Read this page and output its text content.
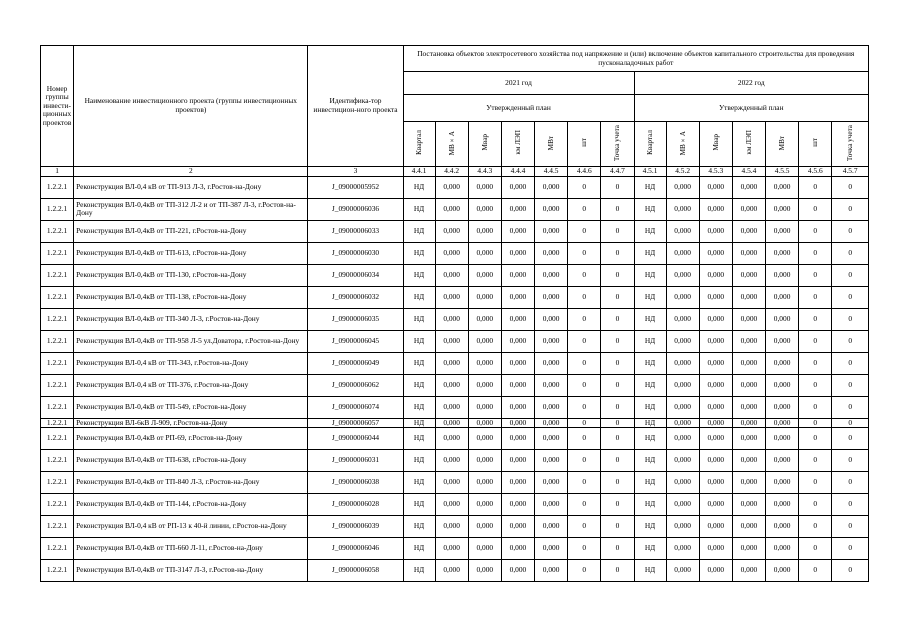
Номер группы инвести-ционных проектов	Наименование инвестиционного проекта (группы инвестиционных проектов)	Идентифика-тор инвестицион-ного проекта	Постановка объектов электросетевого хозяйства под напряжение и (или) включение объектов капитального строительства для проведения пусконаладочных работ													
			2021 год							2022 год						
			Утвержденный план							Утвержденный план						
			Квартал	МВ×А	Мвар	км ЛЭП	МВт	шт	Точка учета	Квартал	МВ×А	Мвар	км ЛЭП	МВт	шт	Точка учета
1	2	3	4.4.1	4.4.2	4.4.3	4.4.4	4.4.5	4.4.6	4.4.7	4.5.1	4.5.2	4.5.3	4.5.4	4.5.5	4.5.6	4.5.7
1.2.2.1	Реконструкция ВЛ-0,4 кВ от ТП-913 Л-3, г.Ростов-на-Дону	J_09000005952	НД	0,000	0,000	0,000	0,000	0	0	НД	0,000	0,000	0,000	0,000	0	0
1.2.2.1	Реконструкция ВЛ-0,4кВ от ТП-312 Л-2 и от ТП-387 Л-3, г.Ростов-на-Дону	J_09000006036	НД	0,000	0,000	0,000	0,000	0	0	НД	0,000	0,000	0,000	0,000	0	0
1.2.2.1	Реконструкция ВЛ-0,4кВ от ТП-221, г.Ростов-на-Дону	J_09000006033	НД	0,000	0,000	0,000	0,000	0	0	НД	0,000	0,000	0,000	0,000	0	0
1.2.2.1	Реконструкция ВЛ-0,4кВ от ТП-613, г.Ростов-на-Дону	J_09000006030	НД	0,000	0,000	0,000	0,000	0	0	НД	0,000	0,000	0,000	0,000	0	0
1.2.2.1	Реконструкция ВЛ-0,4кВ от ТП-130, г.Ростов-на-Дону	J_09000006034	НД	0,000	0,000	0,000	0,000	0	0	НД	0,000	0,000	0,000	0,000	0	0
1.2.2.1	Реконструкция ВЛ-0,4кВ от ТП-138, г.Ростов-на-Дону	J_09000006032	НД	0,000	0,000	0,000	0,000	0	0	НД	0,000	0,000	0,000	0,000	0	0
1.2.2.1	Реконструкция ВЛ-0,4кВ от ТП-340 Л-3, г.Ростов-на-Дону	J_09000006035	НД	0,000	0,000	0,000	0,000	0	0	НД	0,000	0,000	0,000	0,000	0	0
1.2.2.1	Реконструкция ВЛ-0,4кВ от ТП-958 Л-5 ул.Доватора, г.Ростов-на-Дону	J_09000006045	НД	0,000	0,000	0,000	0,000	0	0	НД	0,000	0,000	0,000	0,000	0	0
1.2.2.1	Реконструкция ВЛ-0,4 кВ от ТП-343, г.Ростов-на-Дону	J_09000006049	НД	0,000	0,000	0,000	0,000	0	0	НД	0,000	0,000	0,000	0,000	0	0
1.2.2.1	Реконструкция ВЛ-0,4 кВ от ТП-376, г.Ростов-на-Дону	J_09000006062	НД	0,000	0,000	0,000	0,000	0	0	НД	0,000	0,000	0,000	0,000	0	0
1.2.2.1	Реконструкция ВЛ-0,4кВ от ТП-549, г.Ростов-на-Дону	J_09000006074	НД	0,000	0,000	0,000	0,000	0	0	НД	0,000	0,000	0,000	0,000	0	0
1.2.2.1	Реконструкция ВЛ-6кВ Л-909, г.Ростов-на-Дону	J_09000006057	НД	0,000	0,000	0,000	0,000	0	0	НД	0,000	0,000	0,000	0,000	0	0
1.2.2.1	Реконструкция ВЛ-0,4кВ от РП-69, г.Ростов-на-Дону	J_09000006044	НД	0,000	0,000	0,000	0,000	0	0	НД	0,000	0,000	0,000	0,000	0	0
1.2.2.1	Реконструкция ВЛ-0,4кВ от ТП-638, г.Ростов-на-Дону	J_09000006031	НД	0,000	0,000	0,000	0,000	0	0	НД	0,000	0,000	0,000	0,000	0	0
1.2.2.1	Реконструкция ВЛ-0,4кВ от ТП-840 Л-3, г.Ростов-на-Дону	J_09000006038	НД	0,000	0,000	0,000	0,000	0	0	НД	0,000	0,000	0,000	0,000	0	0
1.2.2.1	Реконструкция ВЛ-0,4кВ от ТП-144, г.Ростов-на-Дону	J_09000006028	НД	0,000	0,000	0,000	0,000	0	0	НД	0,000	0,000	0,000	0,000	0	0
1.2.2.1	Реконструкция ВЛ-0,4 кВ от РП-13 к 40-й линии, г.Ростов-на-Дону	J_09000006039	НД	0,000	0,000	0,000	0,000	0	0	НД	0,000	0,000	0,000	0,000	0	0
1.2.2.1	Реконструкция ВЛ-0,4кВ от ТП-660 Л-11, г.Ростов-на-Дону	J_09000006046	НД	0,000	0,000	0,000	0,000	0	0	НД	0,000	0,000	0,000	0,000	0	0
1.2.2.1	Реконструкция ВЛ-0,4кВ от ТП-3147 Л-3, г.Ростов-на-Дону	J_09000006058	НД	0,000	0,000	0,000	0,000	0	0	НД	0,000	0,000	0,000	0,000	0	0
